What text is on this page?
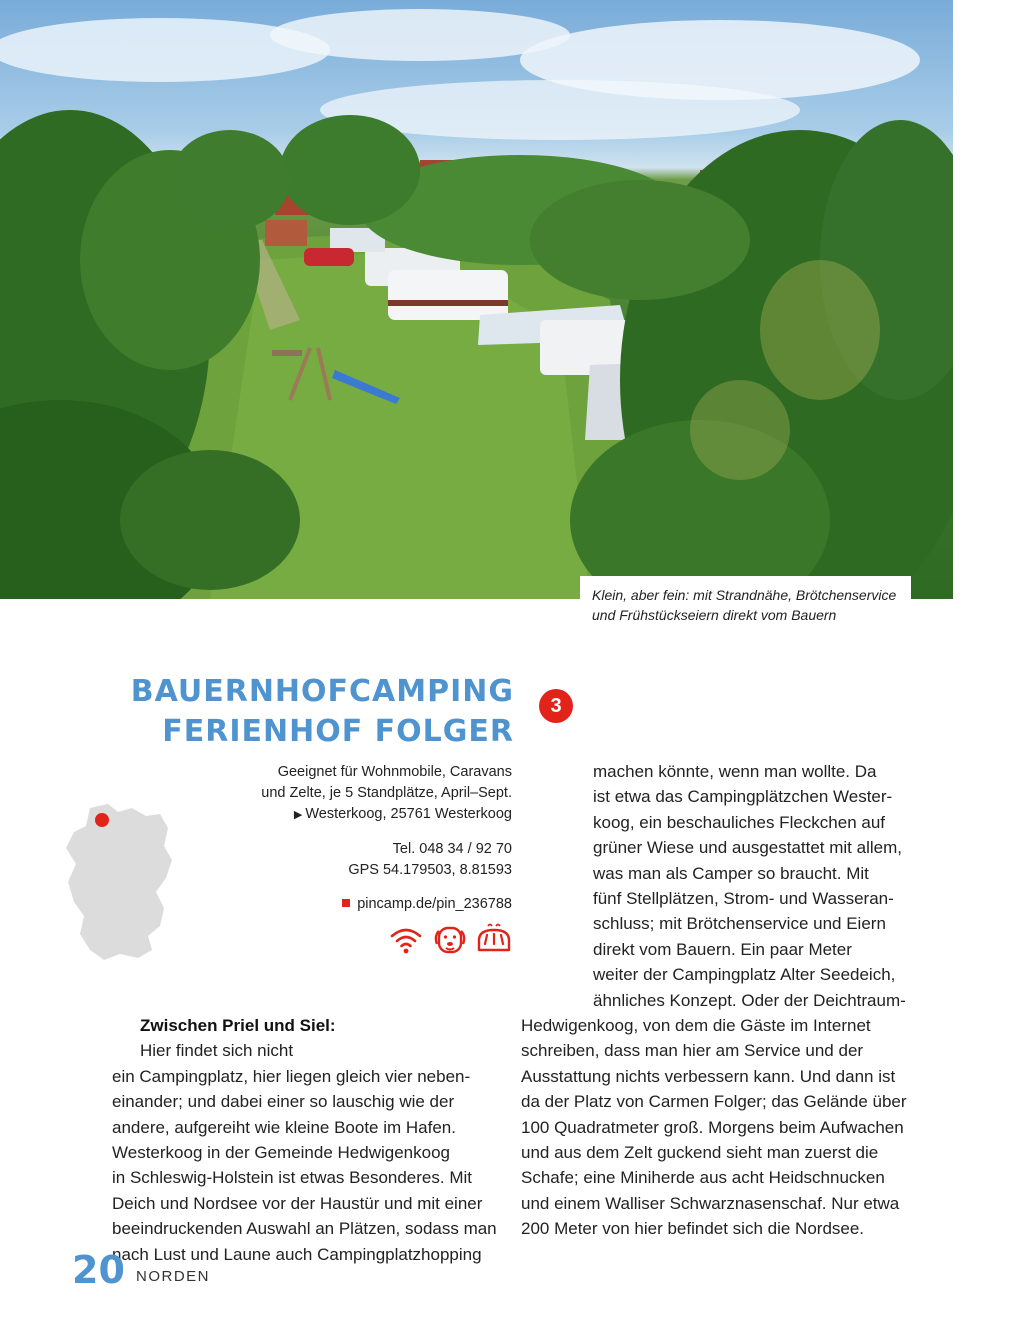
Klein, aber fein: mit Strandnähe, Brötchenservice
und Frühstückseiern direkt vom Bauern
BAUERNHOFCAMPING
FERIENHOF FOLGER
3
Geeignet für Wohnmobile, Caravans
und Zelte, je 5 Standplätze, April–Sept.
▶ Westerkoog, 25761 Westerkoog
Tel. 048 34 / 92 70
GPS 54.179503, 8.81593
pincamp.de/pin_236788
Zwischen Priel und Siel:
Hier findet sich nicht
ein Campingplatz, hier liegen gleich vier neben-
einander; und dabei einer so lauschig wie der
andere, aufgereiht wie kleine Boote im Hafen.
Westerkoog in der Gemeinde Hedwigenkoog
in Schleswig-Holstein ist etwas Besonderes. Mit
Deich und Nordsee vor der Haustür und mit einer
beeindruckenden Auswahl an Plätzen, sodass man
nach Lust und Laune auch Campingplatzhopping
machen könnte, wenn man wollte. Da
ist etwa das Campingplätzchen Wester-
koog, ein beschauliches Fleckchen auf
grüner Wiese und ausgestattet mit allem,
was man als Camper so braucht. Mit
fünf Stellplätzen, Strom- und Wasseran-
schluss; mit Brötchenservice und Eiern
direkt vom Bauern. Ein paar Meter
weiter der Campingplatz Alter Seedeich,
ähnliches Konzept. Oder der Deichtraum-
Hedwigenkoog, von dem die Gäste im Internet
schreiben, dass man hier am Service und der
Ausstattung nichts verbessern kann. Und dann ist
da der Platz von Carmen Folger; das Gelände über
100 Quadratmeter groß. Morgens beim Aufwachen
und aus dem Zelt guckend sieht man zuerst die
Schafe; eine Miniherde aus acht Heidschnucken
und einem Walliser Schwarznasenschaf. Nur etwa
200 Meter von hier befindet sich die Nordsee.
20 NORDEN
